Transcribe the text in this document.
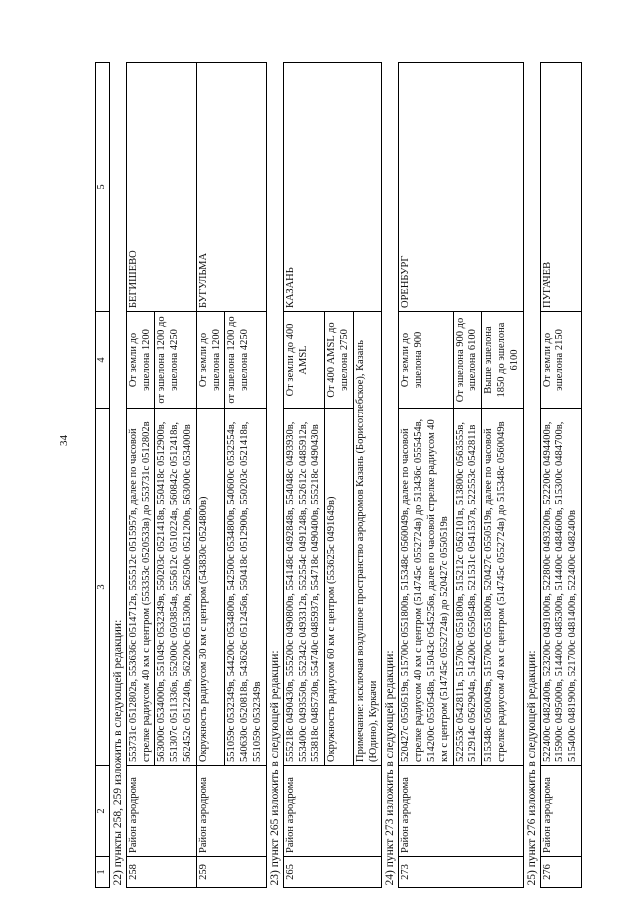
34
1	2	3	4	5
22) пункты 258, 259 изложить в следующей редакции:				
258	Район аэродрома	553731с 0512802в, 553636с 0514712в, 555512с 0515957в, далее по часовой стрелке радиусом 40 км с центром (553353с 0520533в) до 553731с 0512802в	От земли до эшелона 1200	БЕГИШЕВО
		563000с 0534000в, 551049с 0532349в, 550203с 0521418в, 550418с 0512900в, 551307с 0511336в, 552000с 0503854в, 555612с 0510224в, 560842с 0512418в, 562452с 0512240в, 562200с 0515300в, 562500с 0521200в, 563000с 0534000в	от эшелона 1200 до эшелона 4250	
259	Район аэродрома	Окружность радиусом 30 км с центром (543830с 0524800в)	От земли до эшелона 1200	БУГУЛЬМА
		551059с 0532349в, 544200с 0534800в, 542500с 0534800в, 540600с 0532554в, 540630с 0520818в, 543626с 0512456в, 550418с 0512900в, 550203с 0521418в, 551059с 0532349в	от эшелона 1200 до эшелона 4250	
23) пункт 265 изложить в следующей редакции:				
265	Район аэродрома	555218с 0490430в, 555200с 0490800в, 554148с 0492848в, 554048с 0493930в, 553400с 0493550в, 552342с 0493312в, 552554с 0491248в, 552612с 0485912в, 553818с 0485730в, 554740с 0485937в, 554718с 0490400в, 555218с 0490430в	От земли до 400 AMSL	КАЗАНЬ
		Окружность радиусом 60 км с центром (553625с 0491649в)	От 400 AMSL до эшелона 2750	
		Примечание: исключая воздушное пространство аэродромов Казань (Борисоглебское), Казань (Юдино), Куркачи		
24) пункт 273 изложить в следующей редакции:				
273	Район аэродрома	520427с 0550519в, 515700с 0551800в, 515348с 0560049в, далее по часовой стрелке радиусом 40 км с центром (514745с 0552724в) до 513436с 0555454в, 514200с 0550548в, 515043с 0545256в, далее по часовой стрелке радиусом 40 км с центром (514745с 0552724в) до 520427с 0550519в	От земли до эшелона 900	ОРЕНБУРГ
		522553с 0542811в, 515700с 0551800в, 515212с 0562101в, 513800с 0563555в, 512914с 0562904в, 514200с 0550548в, 521531с 0541537в, 522553с 0542811в	От эшелона 900 до эшелона 6100	
		515348с 0560049в, 515700с 0551800в, 520427с 0550519в, далее по часовой стрелке радиусом 40 км с центром (514745с 0552724в) до 515348с 0560049в	Выше эшелона 1850 до эшелона 6100	
25) пункт 276 изложить в следующей редакции:				
276	Район аэродрома	522400с 0482400в, 523200с 0491000в, 522800с 0493200в, 522200с 0494400в, 515900с 0495000в, 514400с 0485300в, 514400с 0484600в, 515300с 0484700в, 515400с 0481900в, 521700с 0481400в, 522400с 0482400в	От земли до эшелона 2150	ПУГАЧЕВ
